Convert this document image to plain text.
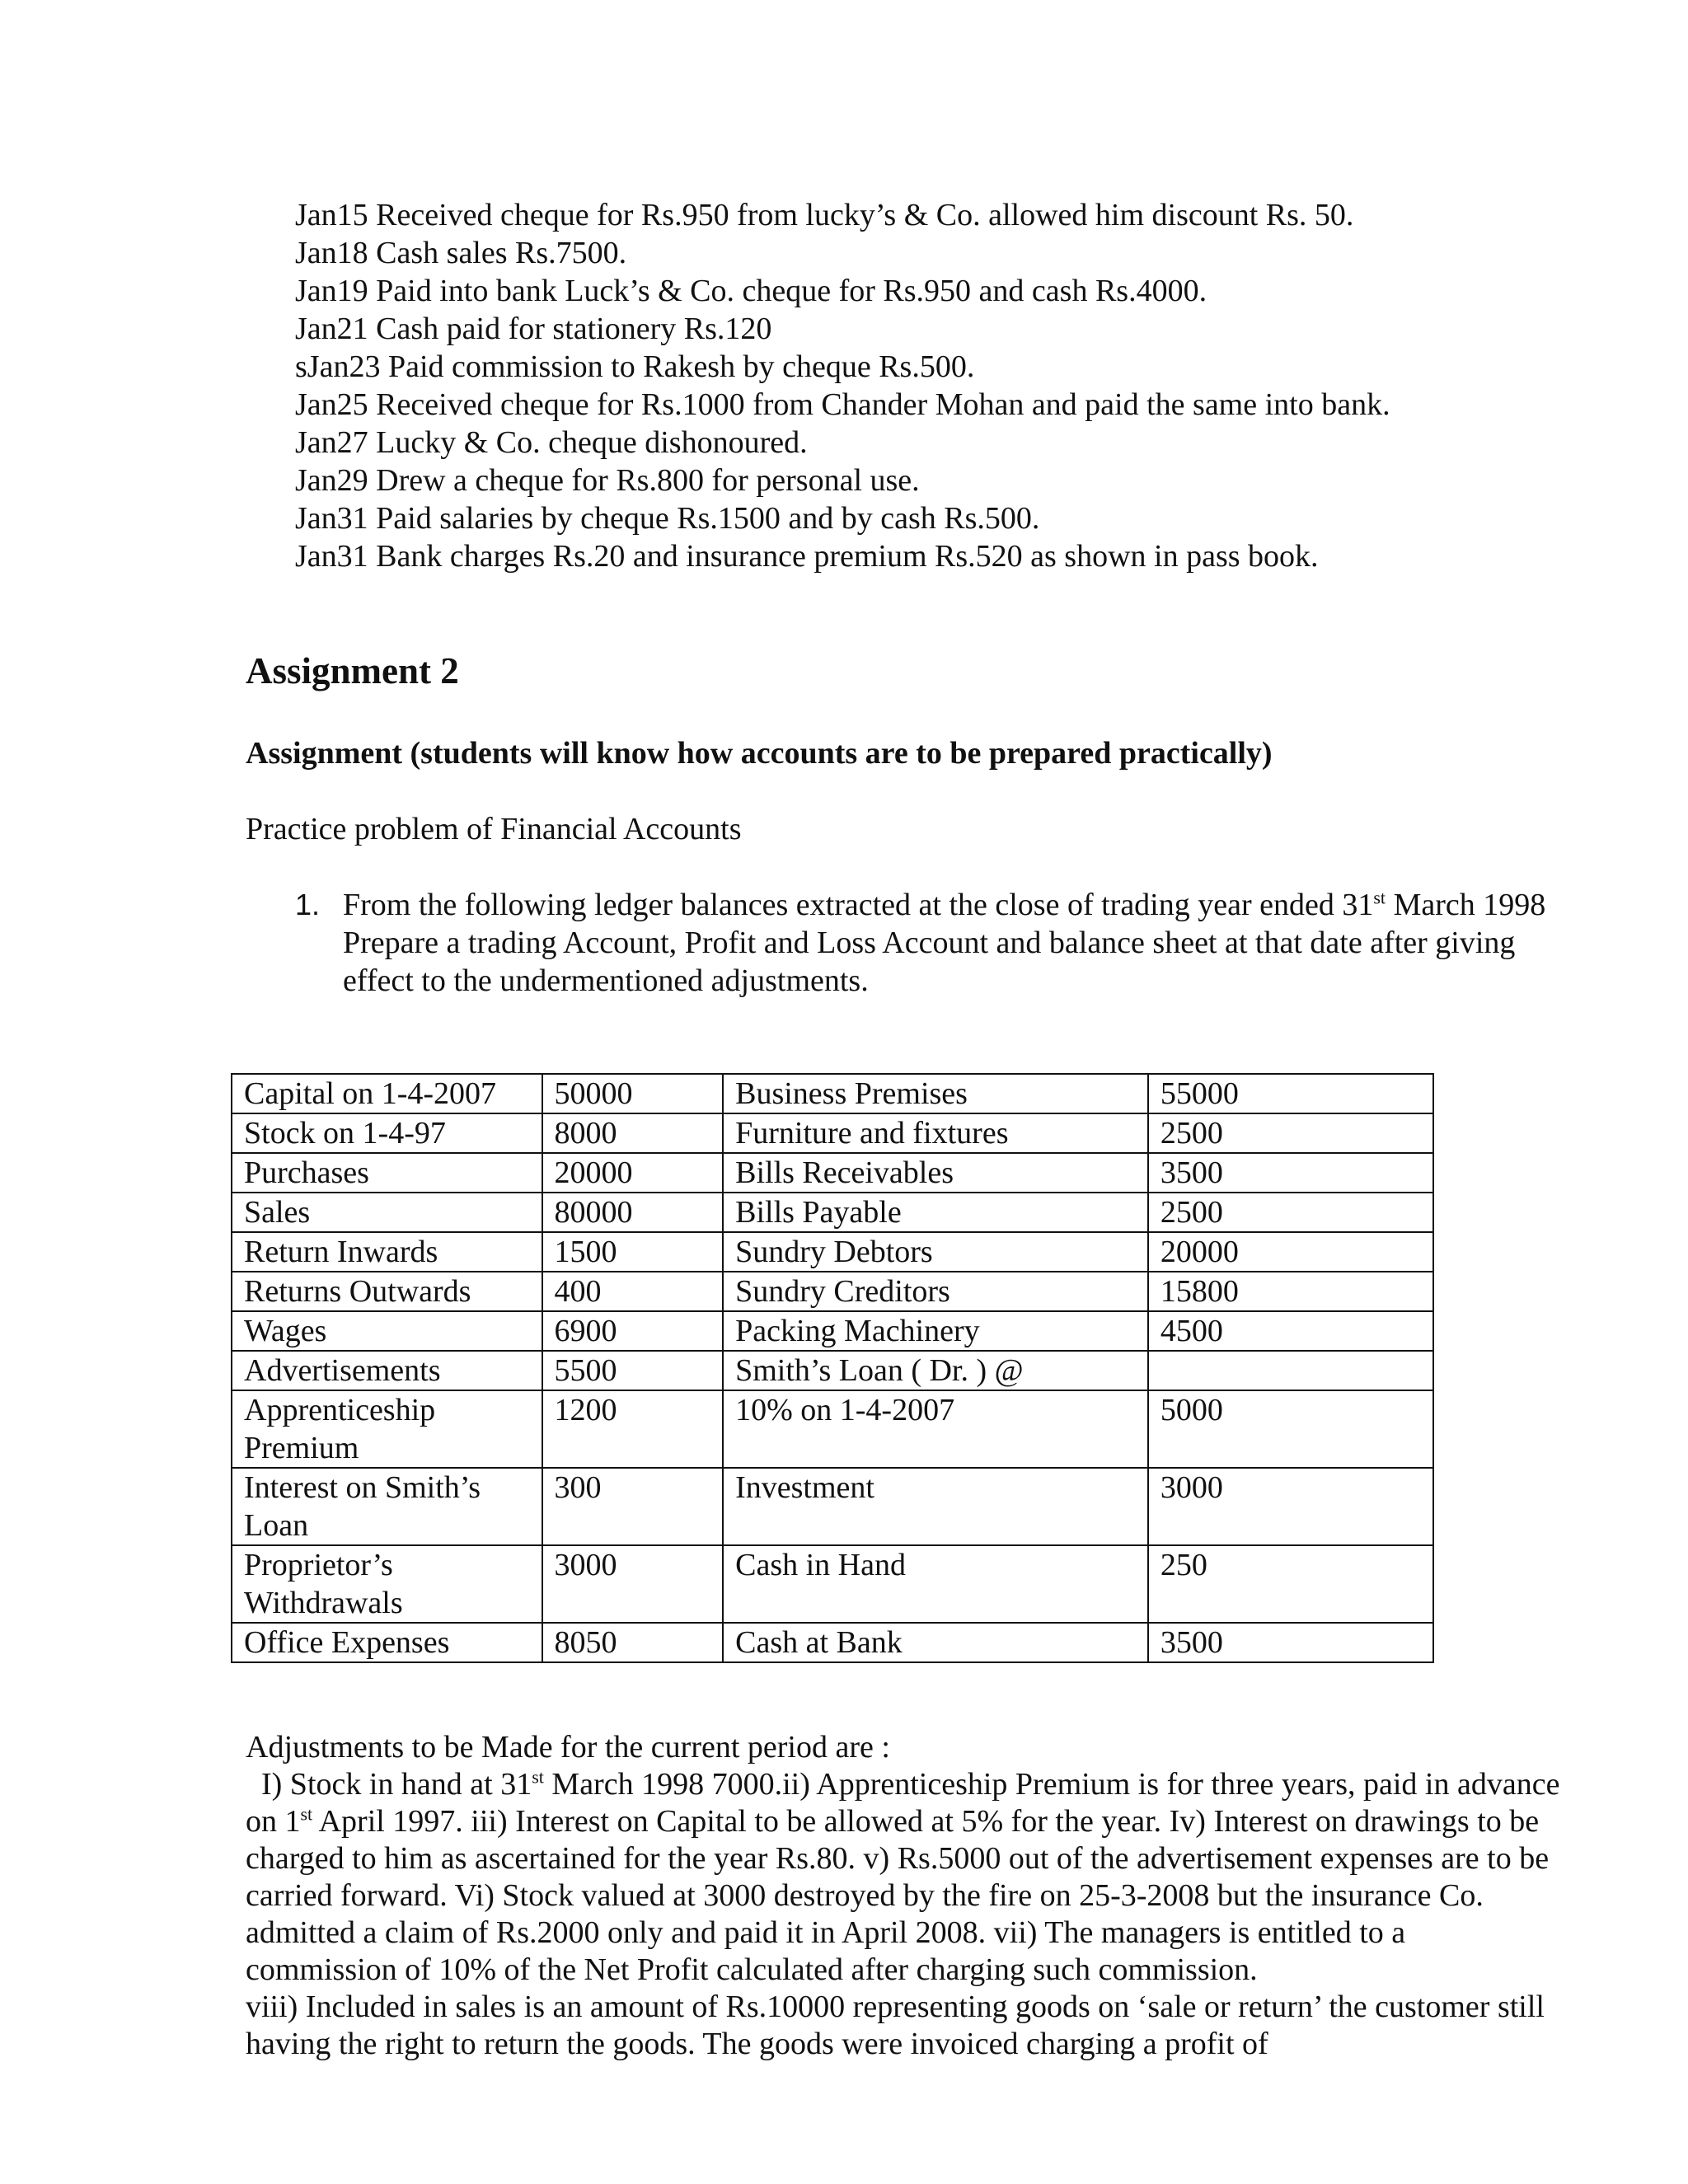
Jan15 Received cheque for Rs.950 from lucky’s & Co. allowed him discount Rs. 50.
Jan18 Cash sales Rs.7500.
Jan19 Paid into bank Luck’s & Co. cheque for Rs.950 and cash Rs.4000.
Jan21 Cash paid for stationery Rs.120
sJan23 Paid commission to Rakesh by cheque Rs.500.
Jan25 Received cheque for Rs.1000 from Chander Mohan and paid the same into bank.
Jan27 Lucky & Co. cheque dishonoured.
Jan29 Drew a cheque for Rs.800 for personal use.
Jan31 Paid salaries by cheque Rs.1500 and by cash Rs.500.
Jan31 Bank charges Rs.20 and insurance premium Rs.520 as shown in pass book.
Assignment 2
Assignment (students will know how accounts are to be prepared practically)
Practice problem of Financial Accounts
1. From the following ledger balances extracted at the close of trading year ended 31st March 1998 Prepare a trading Account, Profit and Loss Account and balance sheet at that date after giving effect to the undermentioned adjustments.
Capital on 1-4-2007	50000	Business Premises	55000
Stock on 1-4-97	8000	Furniture and fixtures	2500
Purchases	20000	Bills Receivables	3500
Sales	80000	Bills Payable	2500
Return Inwards	1500	Sundry Debtors	20000
Returns Outwards	400	Sundry Creditors	15800
Wages	6900	Packing Machinery	4500
Advertisements	5500	Smith’s Loan ( Dr. ) @	
Apprenticeship Premium	1200	10% on 1-4-2007	5000
Interest on Smith’s Loan	300	Investment	3000
Proprietor’s Withdrawals	3000	Cash in Hand	250
Office Expenses	8050	Cash at Bank	3500
Adjustments to be Made for the current period are :
I) Stock in hand at 31st March 1998 7000.ii) Apprenticeship Premium is for three years, paid in advance on 1st April 1997. iii) Interest on Capital to be allowed at 5% for the year. Iv) Interest on drawings to be charged to him as ascertained for the year Rs.80. v) Rs.5000 out of the advertisement expenses are to be carried forward. Vi) Stock valued at 3000 destroyed by the fire on 25-3-2008 but the insurance Co. admitted a claim of Rs.2000 only and paid it in April 2008. vii) The managers is entitled to a commission of 10% of the Net Profit calculated after charging such commission.
viii) Included in sales is an amount of Rs.10000 representing goods on ‘sale or return’ the customer still having the right to return the goods. The goods were invoiced charging a profit of
